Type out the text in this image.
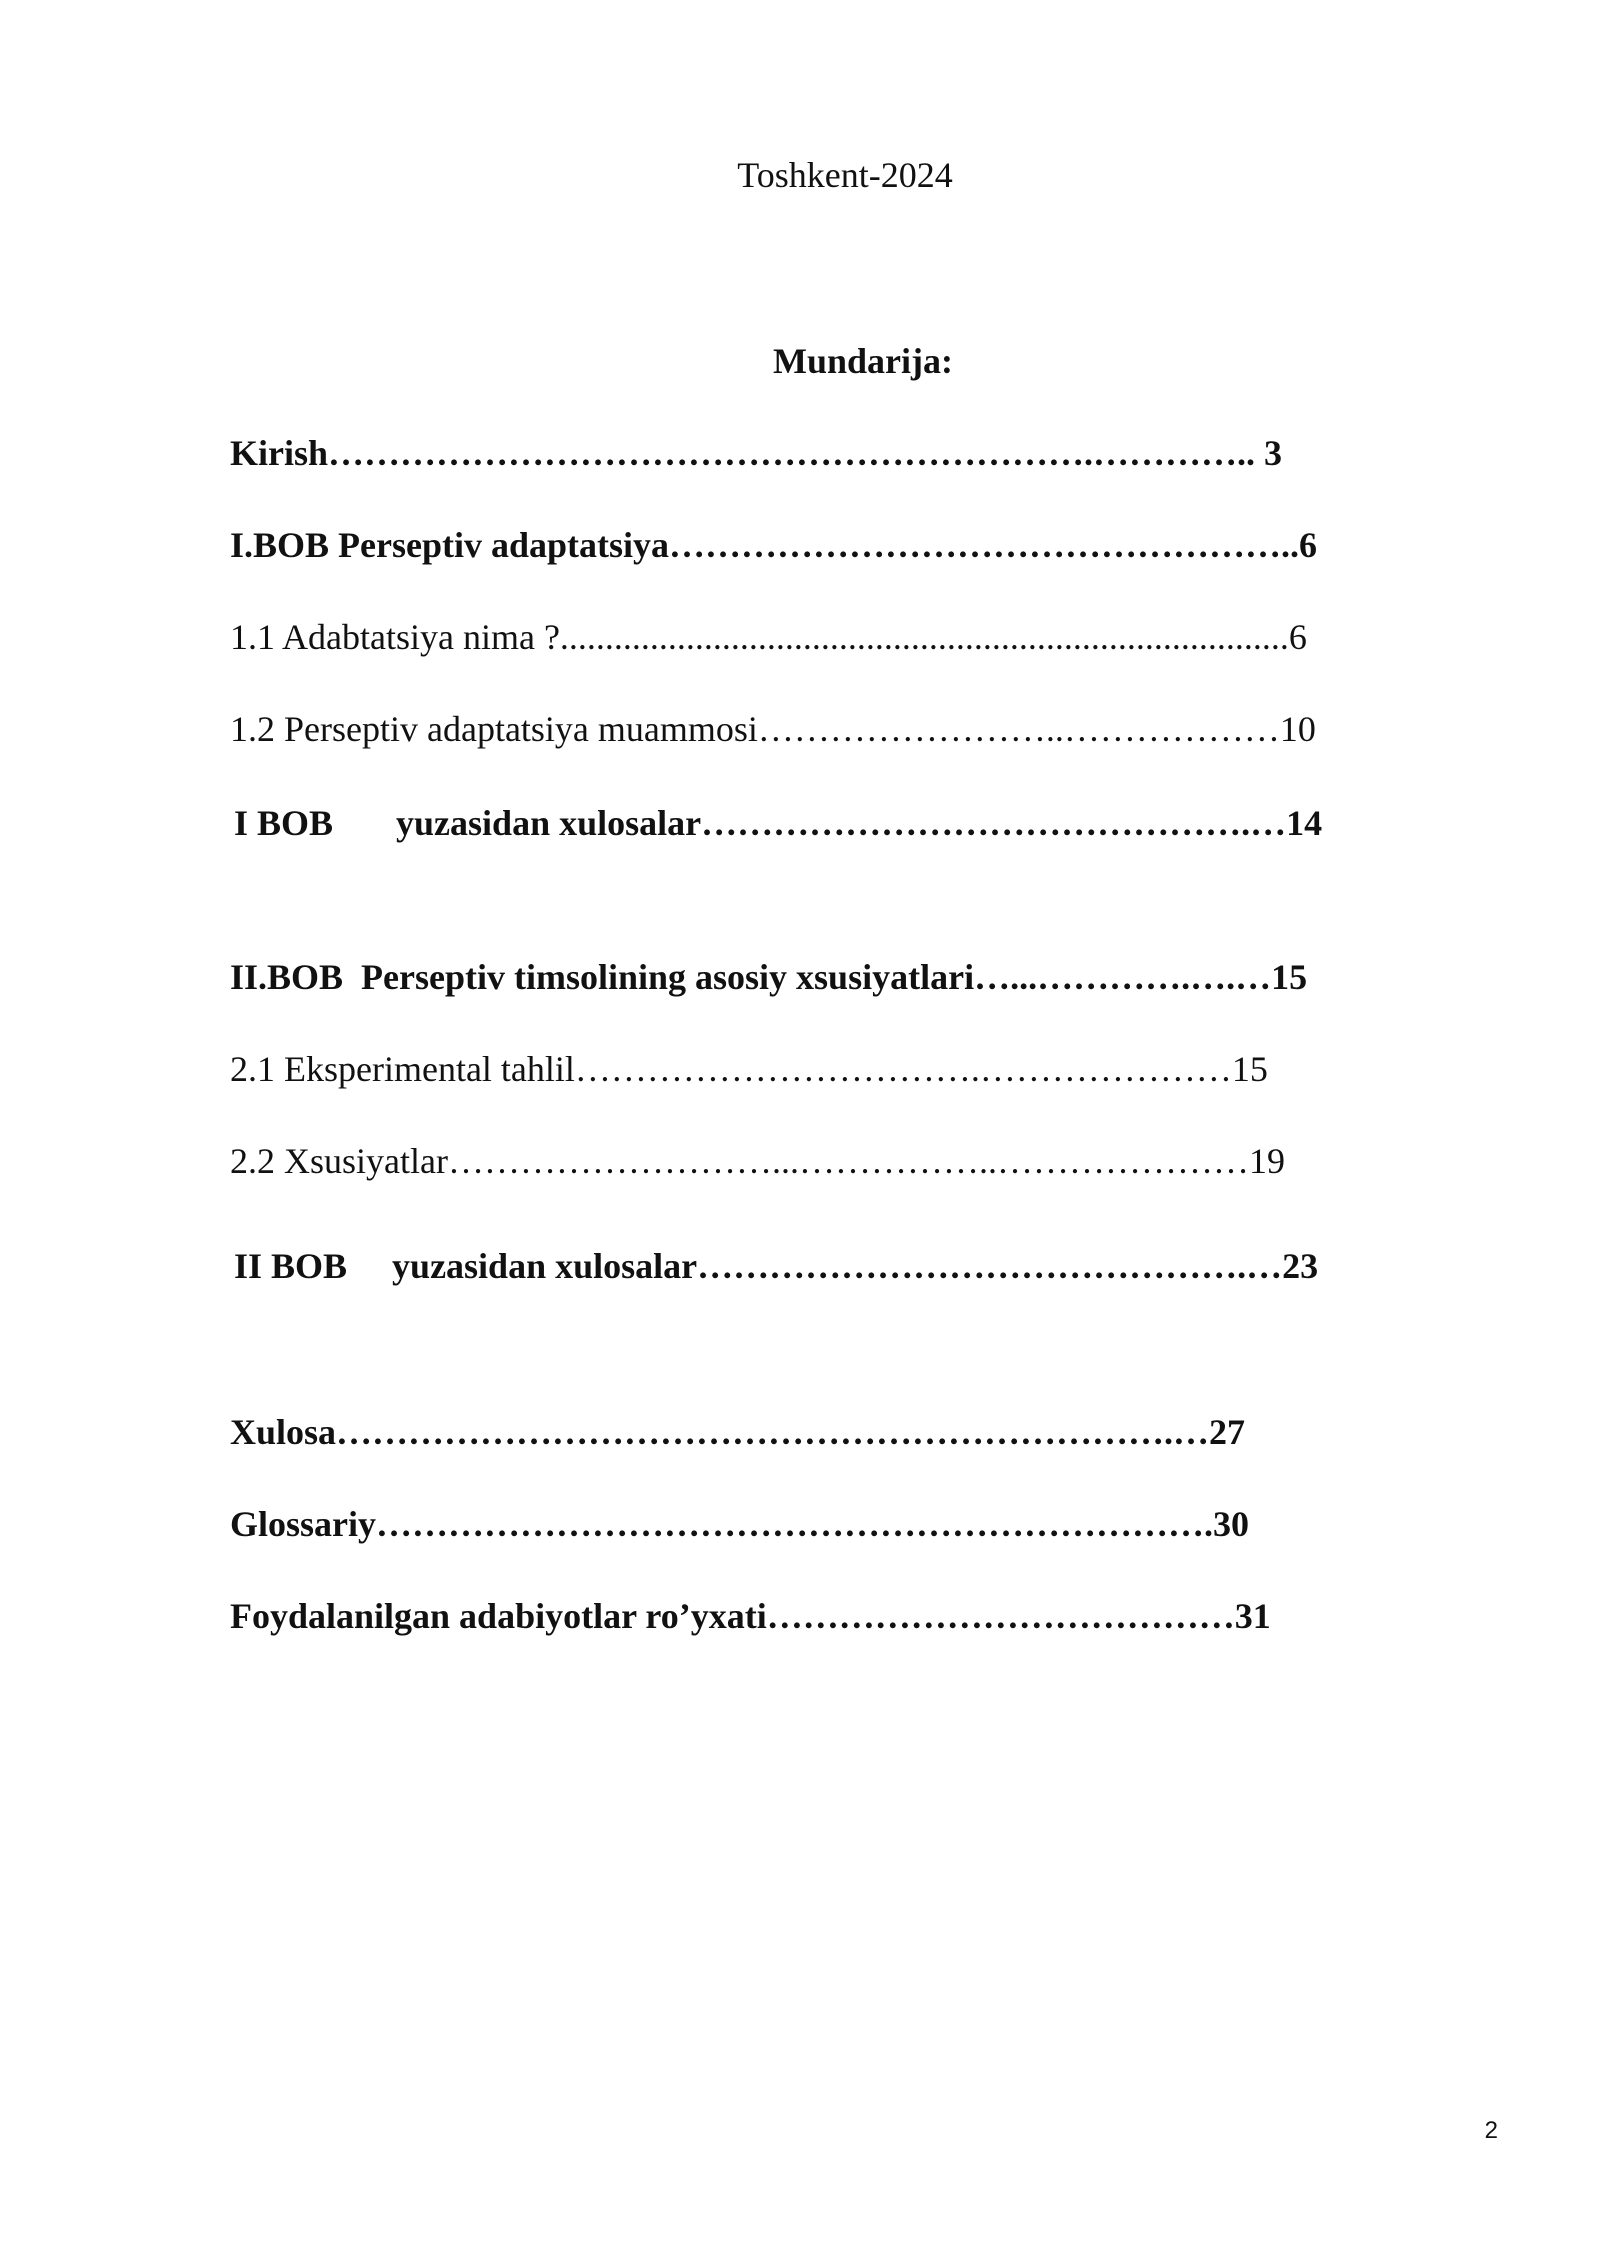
Toshkent-2024
Mundarija:
Kirish……………………………………………………….………….. 3
I.BOB Perseptiv adaptatsiya……………………………………………..6
1.1 Adabtatsiya nima ?.................................................................................6
1.2 Perseptiv adaptatsiya muammosi……………………..………………10
I BOB       yuzasidan xulosalar……………………………………….…14
II.BOB  Perseptiv timsolining asosiy xsusiyatlari…...………….….…15
2.1 Eksperimental tahlil…………………………….…………………15
2.2 Xsusiyatlar………………………...……………..…………………19
II BOB     yuzasidan xulosalar……………………………………….…23
Xulosa…………………………………………………………….…27
Glossariy…………………………………………………………….30
Foydalanilgan adabiyotlar ro’yxati…………………………………31
2
